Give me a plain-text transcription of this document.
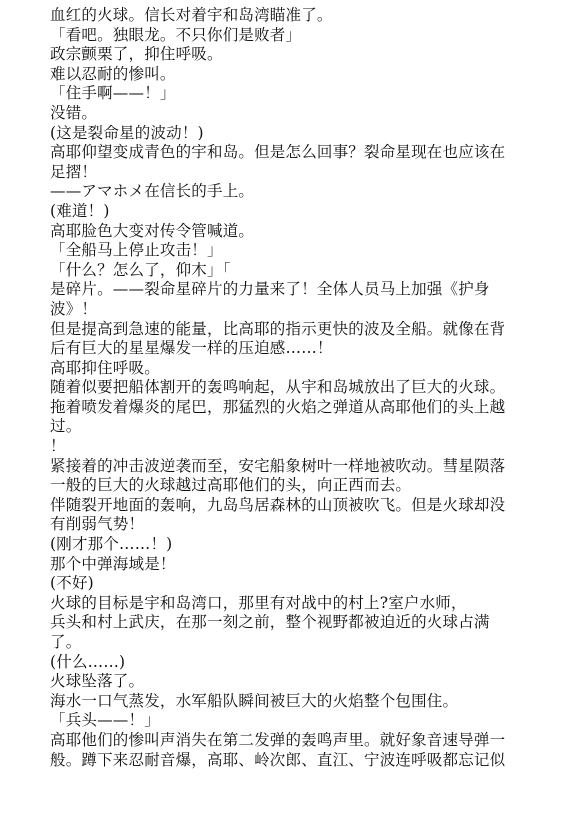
血红的火球。信长对着宇和岛湾瞄准了。
「看吧。独眼龙。不只你们是败者」
政宗颤栗了，抑住呼吸。
难以忍耐的惨叫。
「住手啊——！」
没错。
(这是裂命星的波动！)
高耶仰望变成青色的宇和岛。但是怎么回事？裂命星现在也应该在
足摺！
——アマホメ在信长的手上。
(难道！)
高耶脸色大变对传令管喊道。
「全船马上停止攻击！」
「什么？怎么了，仰木」「
是碎片。——裂命星碎片的力量来了！全体人员马上加强《护身
波》！
但是提高到急速的能量，比高耶的指示更快的波及全船。就像在背
后有巨大的星星爆发一样的压迫感……！
高耶抑住呼吸。
随着似要把船体割开的轰鸣响起，从宇和岛城放出了巨大的火球。
拖着喷发着爆炎的尾巴，那猛烈的火焰之弹道从高耶他们的头上越
过。
！
紧接着的冲击波逆袭而至，安宅船象树叶一样地被吹动。彗星陨落
一般的巨大的火球越过高耶他们的头，向正西而去。
伴随裂开地面的轰响，九岛鸟居森林的山顶被吹飞。但是火球却没
有削弱气势！
(刚才那个……！)
那个中弹海域是！
(不好)
火球的目标是宇和岛湾口，那里有对战中的村上?室户水师，
兵头和村上武庆，在那一刻之前，整个视野都被迫近的火球占满
了。
(什么……)
火球坠落了。
海水一口气蒸发，水军船队瞬间被巨大的火焰整个包围住。
「兵头——！」
高耶他们的惨叫声消失在第二发弹的轰鸣声里。就好象音速导弹一
般。蹲下来忍耐音爆，高耶、岭次郎、直江、宁波连呼吸都忘记似
